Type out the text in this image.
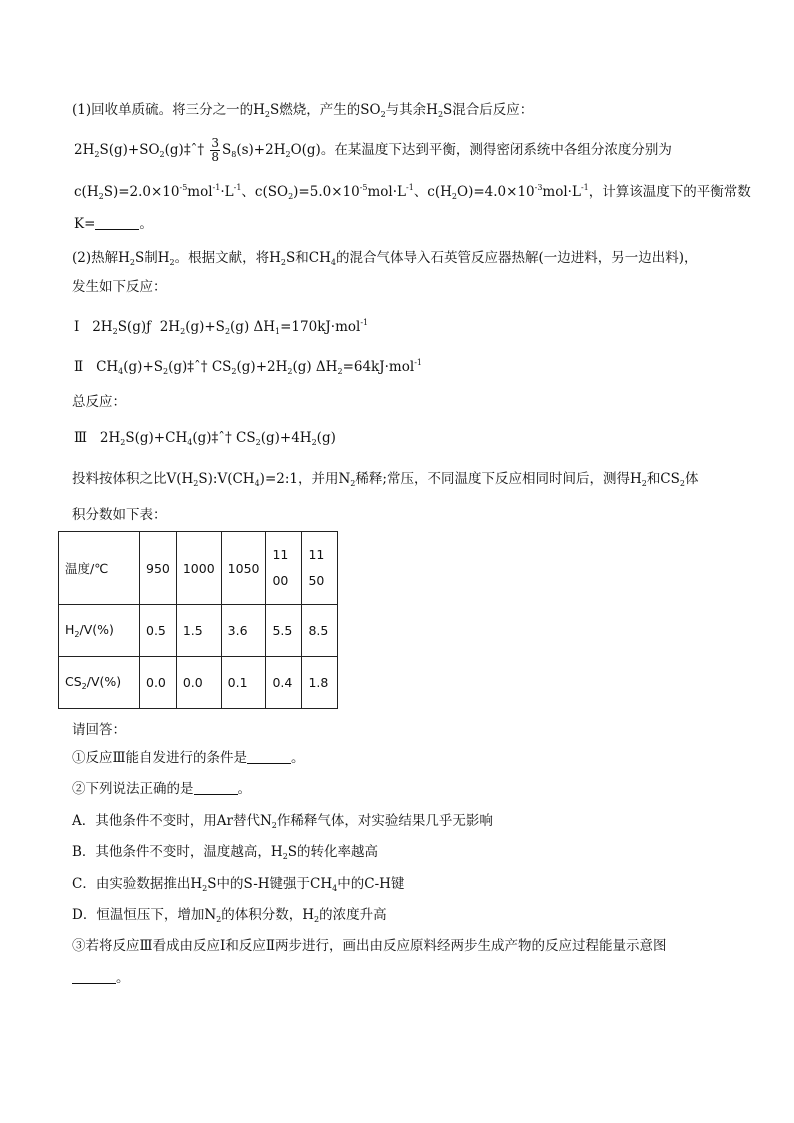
(1)回收单质硫。将三分之一的$H_2S$燃烧，产生的$SO_2$与其余$H_2S$混合后反应：
$2H_2S(g)+SO_2(g)\ddagger ˆ\dagger \frac{3}{8} S_8(s)+2H_2O(g)$。在某温度下达到平衡，测得密闭系统中各组分浓度分别为
$c(H_2S)=2.0\times 10^{-5}mol^{-1}\cdot L^{-1}$、$c(SO_2)=5.0\times 10^{-5}mol\cdot L^{-1}$、$c(H_2O)=4.0\times 10^{-3}mol\cdot L^{-1}$，计算该温度下的平衡常数
K=	。
(2)热解$H_2S$制$H_2$。根据文献，将$H_2S$和$CH_4$的混合气体导入石英管反应器热解(一边进料，另一边出料)，
发生如下反应：
Ⅰ $2H_2S(g)ƒ$ $2H_2(g)+S_2(g)$ $\Delta H_1=170kJ\cdot mol^{-1}$
Ⅱ $CH_4(g)+S_2(g)\ddagger ˆ\dagger$ $CS_2(g)+2H_2(g)$ $\Delta H_2=64kJ\cdot mol^{-1}$
总反应：
Ⅲ $2H_2S(g)+CH_4(g)\ddagger ˆ\dagger$ $CS_2(g)+4H_2(g)$
投料按体积之比$V(H_2S):V(CH_4)=2:1$，并用$N_2$稀释;常压，不同温度下反应相同时间后，测得$H_2$和$CS_2$体
积分数如下表：
请回答：
①反应Ⅲ能自发进行的条件是	。
②下列说法正确的是	。
A．其他条件不变时，用Ar替代$N_2$作稀释气体，对实验结果几乎无影响
B．其他条件不变时，温度越高，$H_2S$的转化率越高
C．由实验数据推出$H_2S$中的S-H键强于$CH_4$中的C-H键
D．恒温恒压下，增加$N_2$的体积分数，$H_2$的浓度升高
③若将反应Ⅲ看成由反应Ⅰ和反应Ⅱ两步进行，画出由反应原料经两步生成产物的反应过程能量示意图
。
温度/℃	950	1000	1050	1100	1150
$H_2/V(\%)$	0.5	1.5	3.6	5.5	8.5
$CS_2/V(\%)$	0.0	0.0	0.1	0.4	1.8
